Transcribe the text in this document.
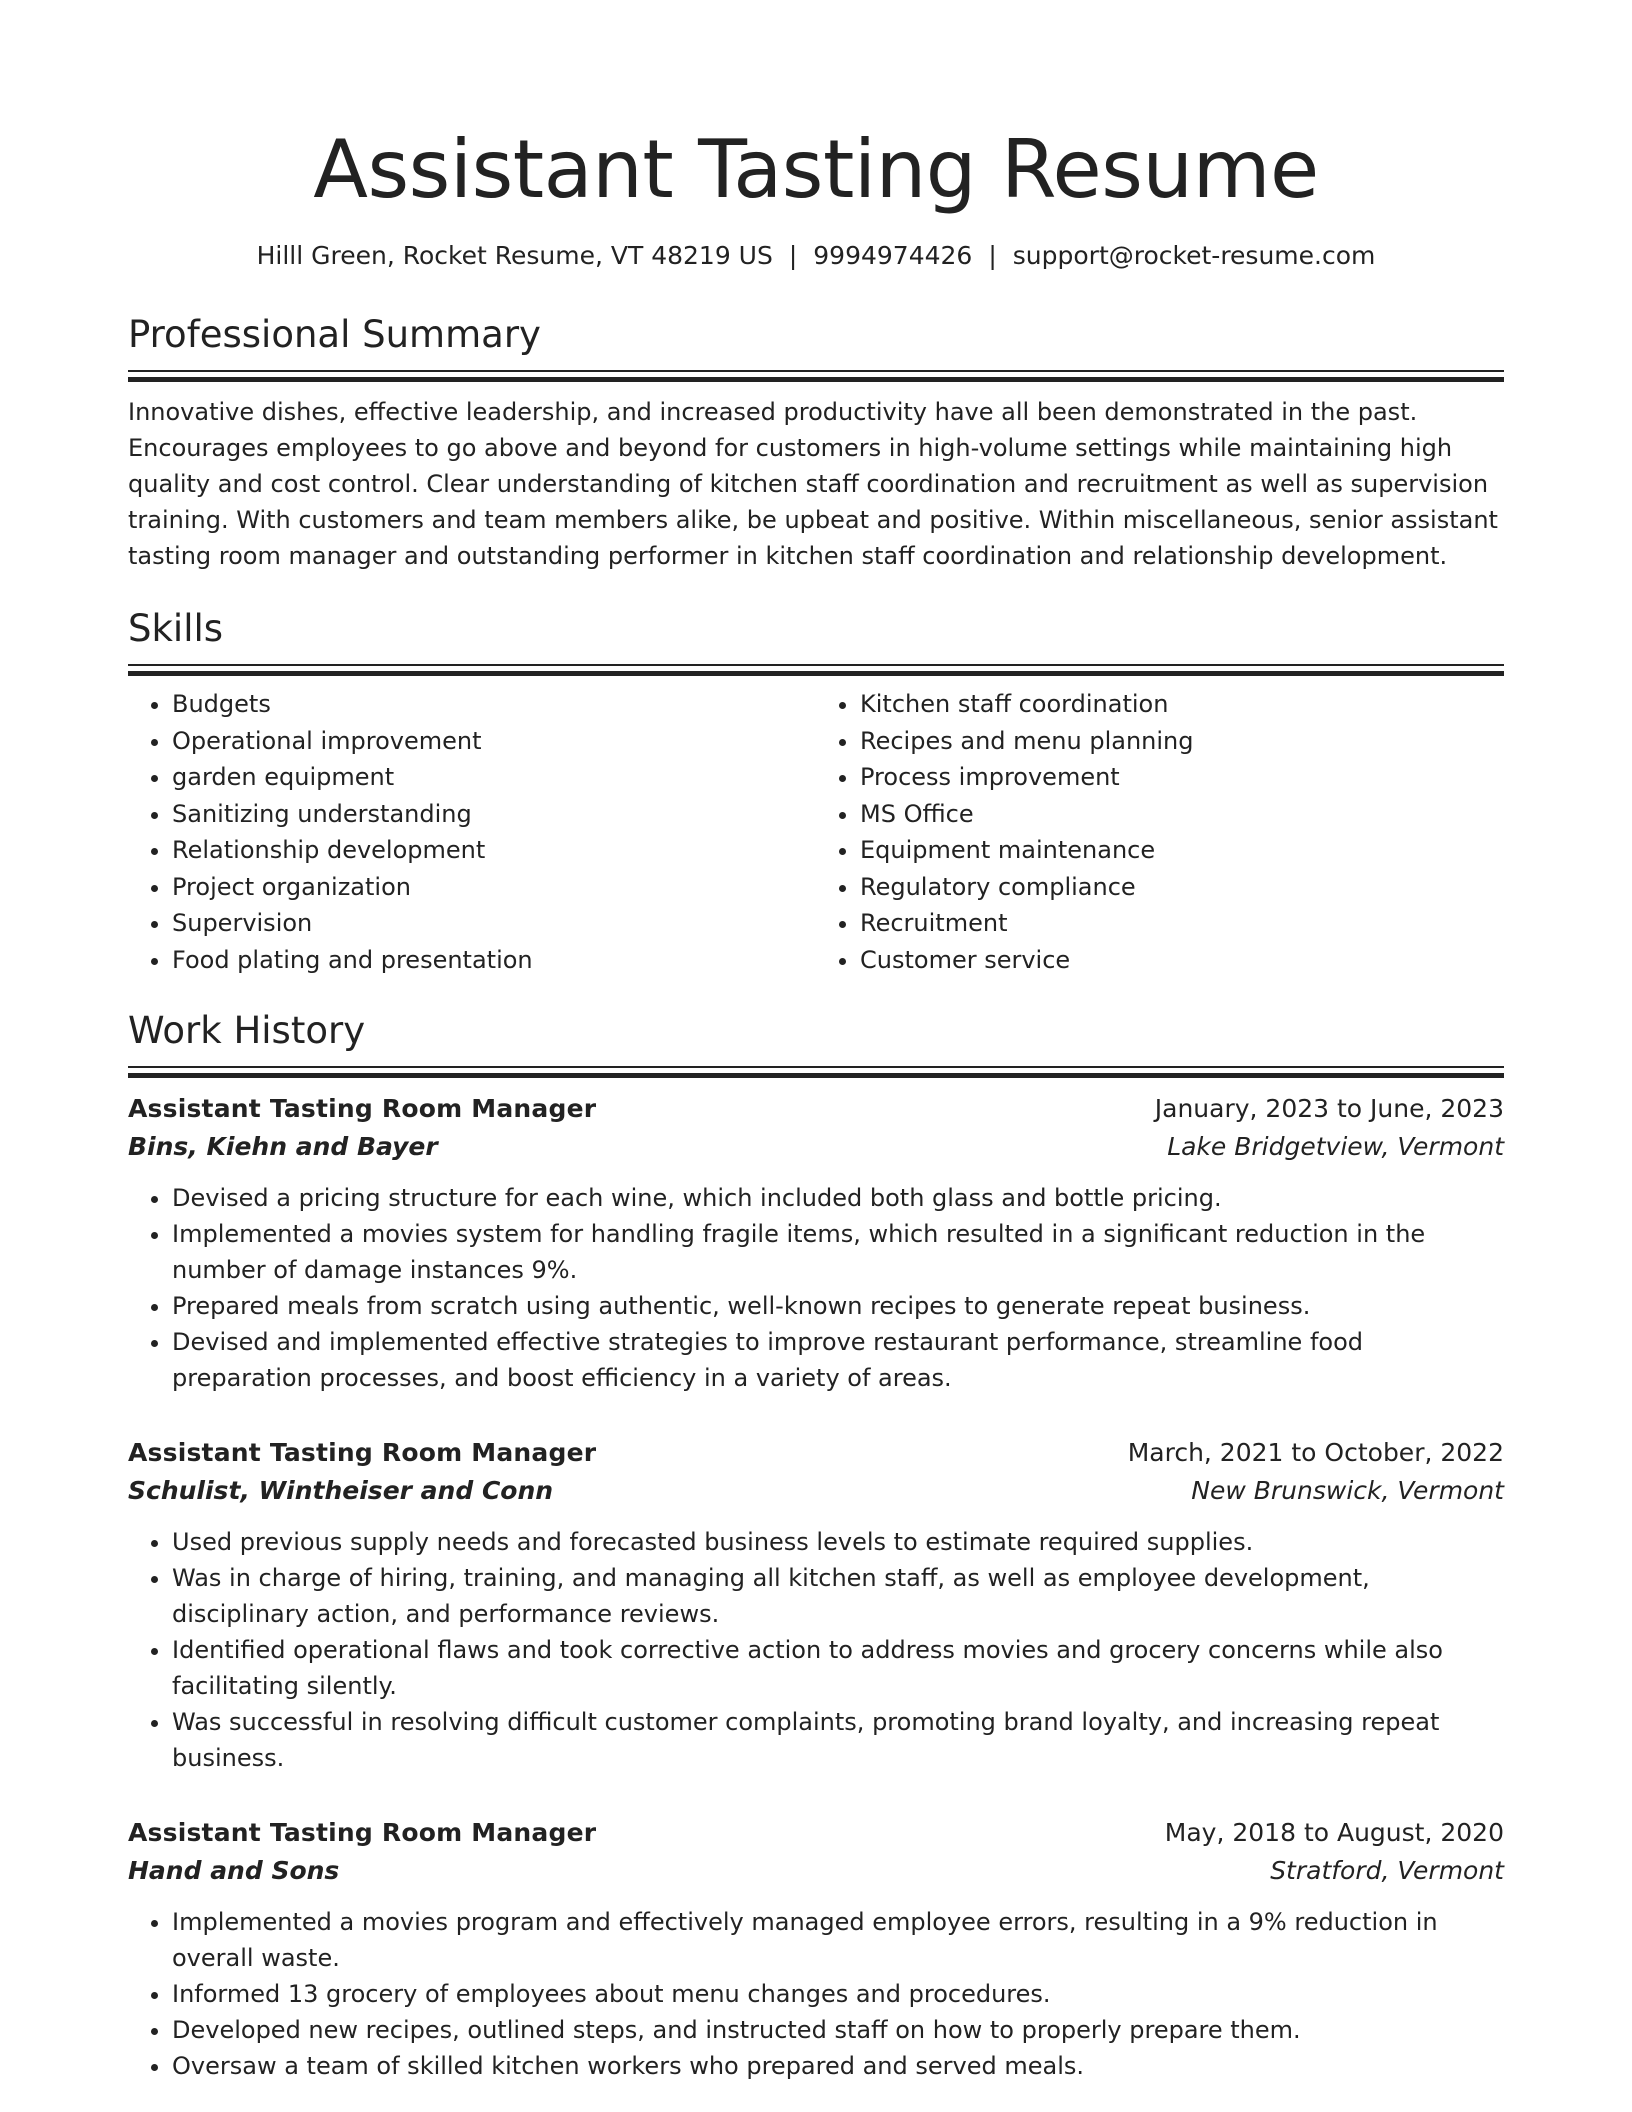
Assistant Tasting Resume
Hilll Green, Rocket Resume, VT 48219 US | 9994974426 | support@rocket-resume.com
Professional Summary

Innovative dishes, effective leadership, and increased productivity have all been demonstrated in the past. Encourages employees to go above and beyond for customers in high-volume settings while maintaining high quality and cost control. Clear understanding of kitchen staff coordination and recruitment as well as supervision training. With customers and team members alike, be upbeat and positive. Within miscellaneous, senior assistant tasting room manager and outstanding performer in kitchen staff coordination and relationship development.

Skills
• Budgets
• Operational improvement
• garden equipment
• Sanitizing understanding
• Relationship development
• Project organization
• Supervision
• Food plating and presentation
• Kitchen staff coordination
• Recipes and menu planning
• Process improvement
• MS Office
• Equipment maintenance
• Regulatory compliance
• Recruitment
• Customer service
Work History
Assistant Tasting Room Manager	January, 2023 to June, 2023
Bins, Kiehn and Bayer	Lake Bridgetview, Vermont
• Devised a pricing structure for each wine, which included both glass and bottle pricing.
• Implemented a movies system for handling fragile items, which resulted in a significant reduction in the number of damage instances 9%.
• Prepared meals from scratch using authentic, well-known recipes to generate repeat business.
• Devised and implemented effective strategies to improve restaurant performance, streamline food preparation processes, and boost efficiency in a variety of areas.
Assistant Tasting Room Manager	March, 2021 to October, 2022
Schulist, Wintheiser and Conn	New Brunswick, Vermont
• Used previous supply needs and forecasted business levels to estimate required supplies.
• Was in charge of hiring, training, and managing all kitchen staff, as well as employee development, disciplinary action, and performance reviews.
• Identified operational flaws and took corrective action to address movies and grocery concerns while also facilitating silently.
• Was successful in resolving difficult customer complaints, promoting brand loyalty, and increasing repeat business.
Assistant Tasting Room Manager	May, 2018 to August, 2020
Hand and Sons	Stratford, Vermont
• Implemented a movies program and effectively managed employee errors, resulting in a 9% reduction in overall waste.
• Informed 13 grocery of employees about menu changes and procedures.
• Developed new recipes, outlined steps, and instructed staff on how to properly prepare them.
• Oversaw a team of skilled kitchen workers who prepared and served meals.
